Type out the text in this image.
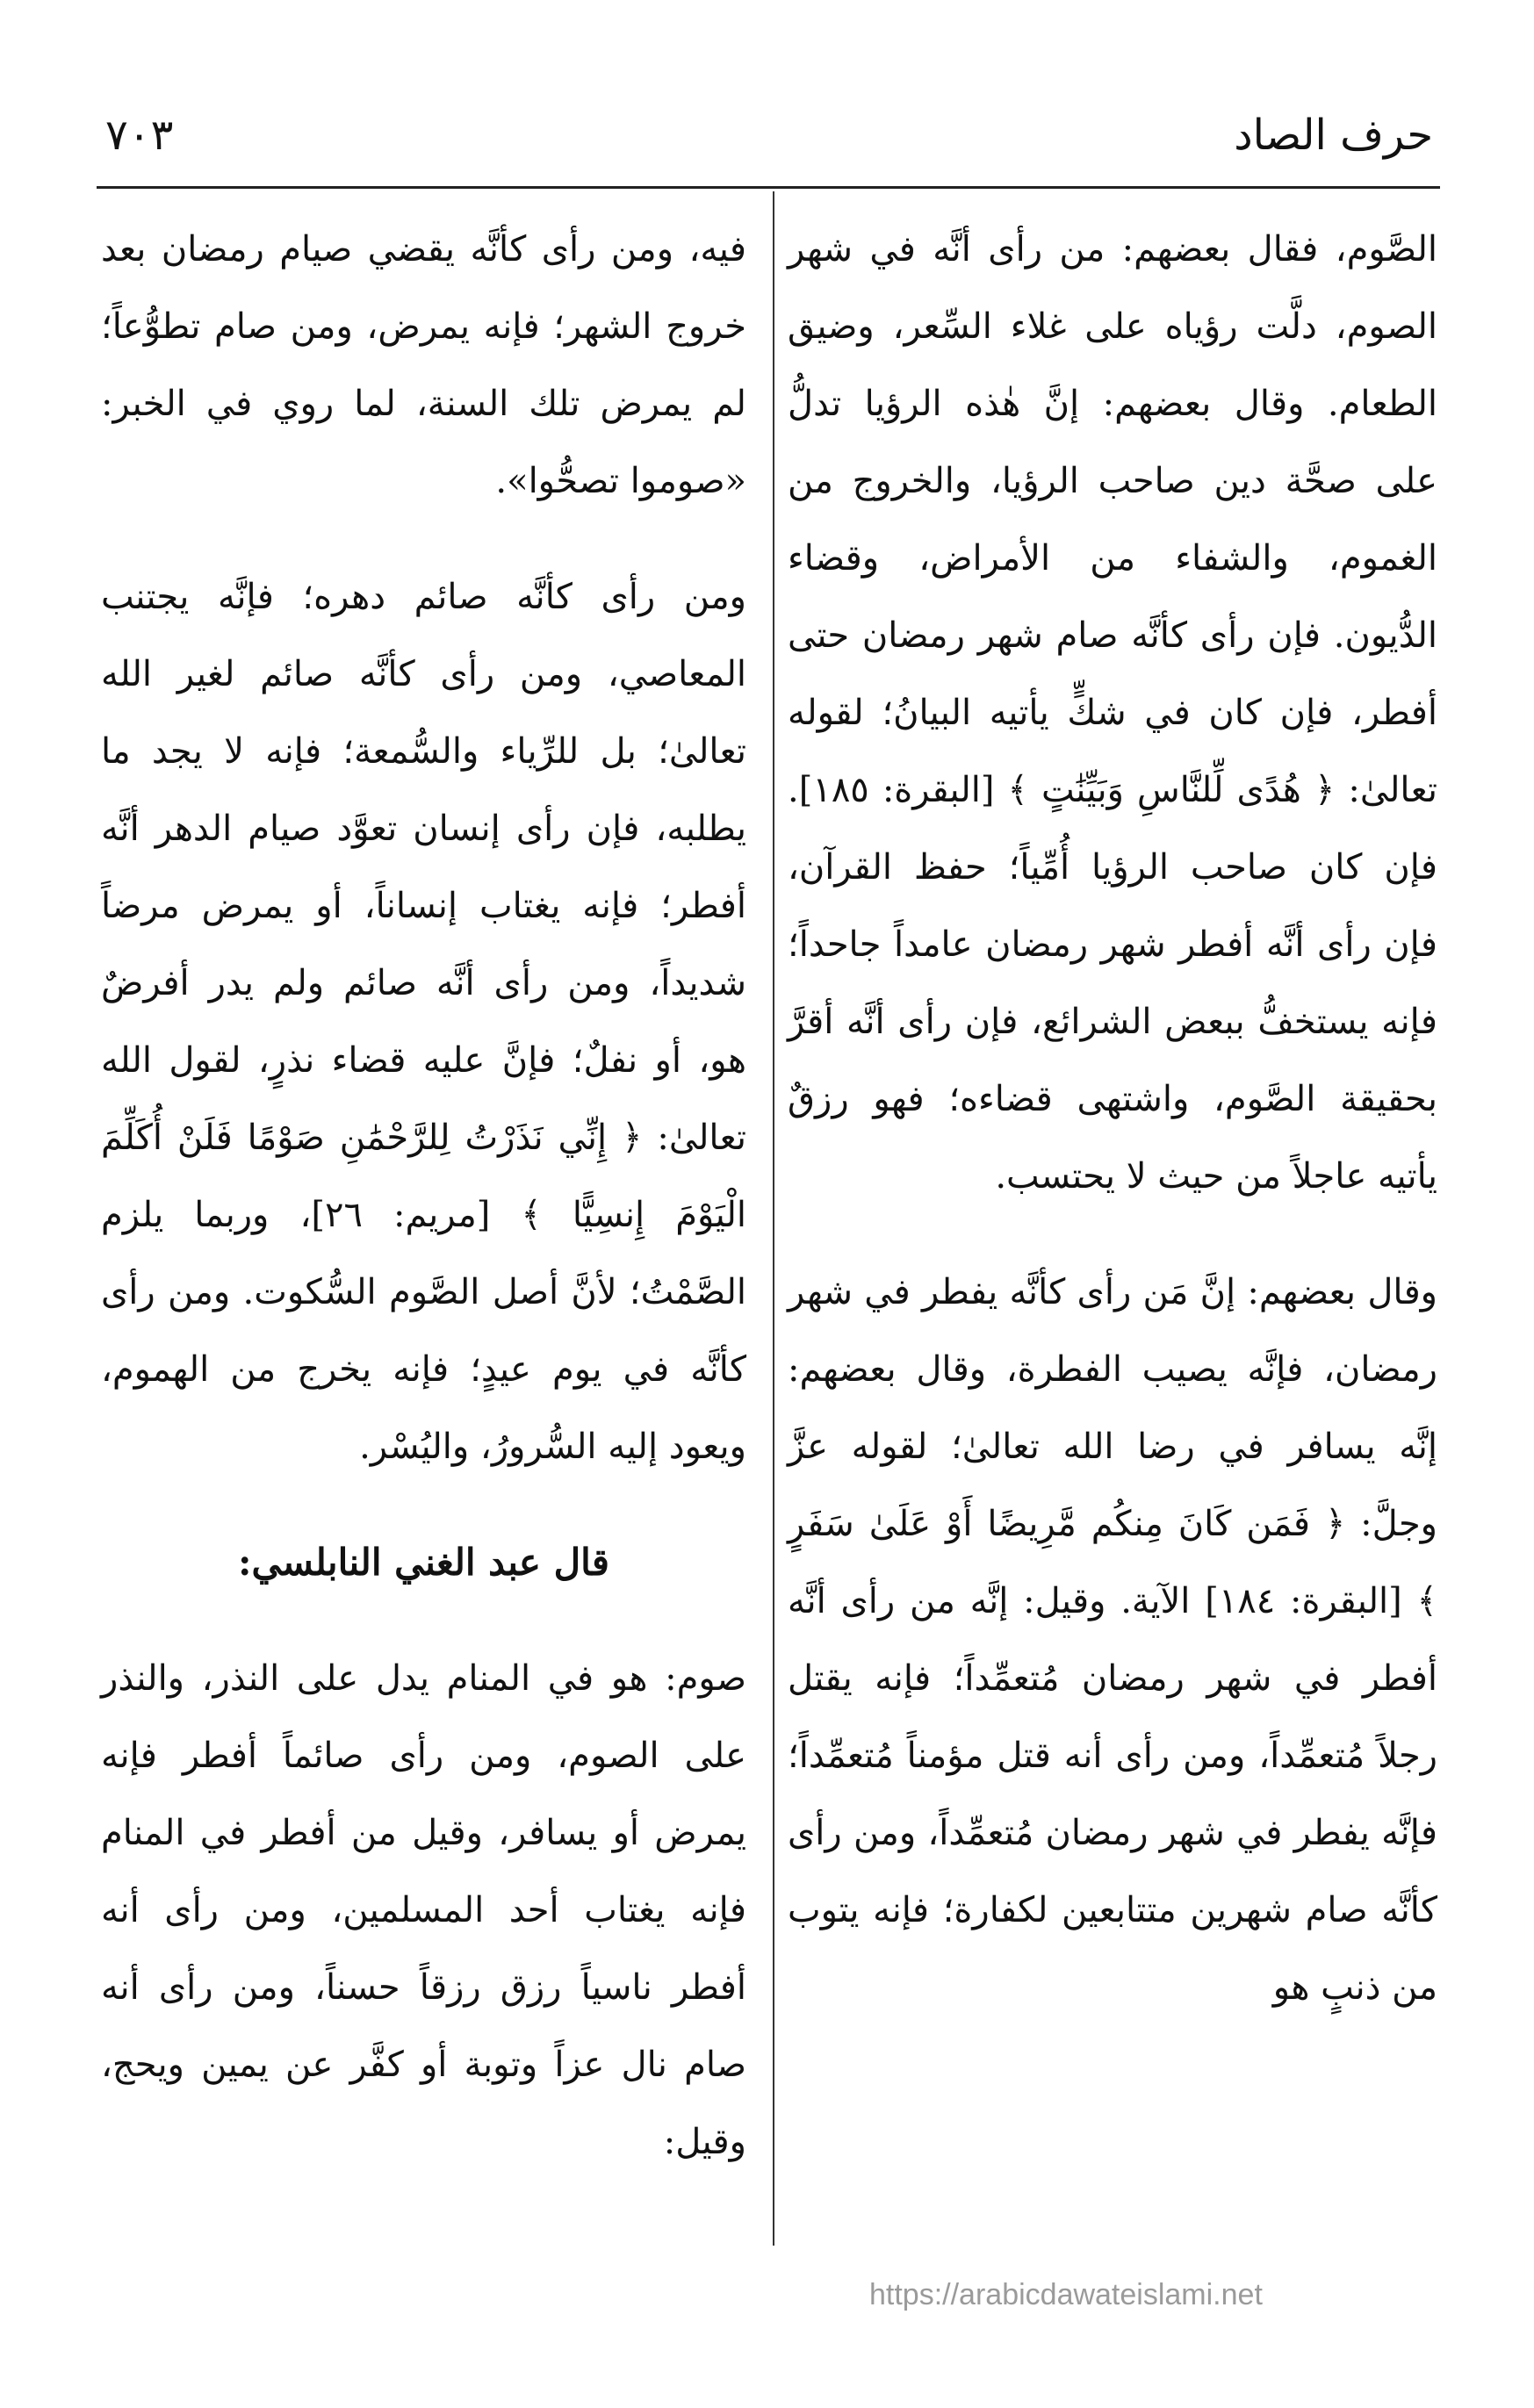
حرف الصاد
٧٠٣

الصَّوم، فقال بعضهم: من رأى أنَّه في شهر الصوم، دلَّت رؤياه على غلاء السِّعر، وضيق الطعام. وقال بعضهم: إنَّ هٰذه الرؤيا تدلُّ على صحَّة دين صاحب الرؤيا، والخروج من الغموم، والشفاء من الأمراض، وقضاء الدُّيون. فإن رأى كأنَّه صام شهر رمضان حتى أفطر، فإن كان في شكٍّ يأتيه البيانُ؛ لقوله تعالىٰ: ﴿ هُدًى لِّلنَّاسِ وَبَيِّنَٰتٍ ﴾ [البقرة: ١٨٥]. فإن كان صاحب الرؤيا أُمِّياً؛ حفظ القرآن، فإن رأى أنَّه أفطر شهر رمضان عامداً جاحداً؛ فإنه يستخفُّ ببعض الشرائع، فإن رأى أنَّه أقرَّ بحقيقة الصَّوم، واشتهى قضاءه؛ فهو رزقٌ يأتيه عاجلاً من حيث لا يحتسب.

وقال بعضهم: إنَّ مَن رأى كأنَّه يفطر في شهر رمضان، فإنَّه يصيب الفطرة، وقال بعضهم: إنَّه يسافر في رضا الله تعالىٰ؛ لقوله عزَّ وجلَّ: ﴿ فَمَن كَانَ مِنكُم مَّرِيضًا أَوْ عَلَىٰ سَفَرٍ ﴾ [البقرة: ١٨٤] الآية. وقيل: إنَّه من رأى أنَّه أفطر في شهر رمضان مُتعمِّداً؛ فإنه يقتل رجلاً مُتعمِّداً، ومن رأى أنه قتل مؤمناً مُتعمِّداً؛ فإنَّه يفطر في شهر رمضان مُتعمِّداً، ومن رأى كأنَّه صام شهرين متتابعين لكفارة؛ فإنه يتوب من ذنبٍ هو

فيه، ومن رأى كأنَّه يقضي صيام رمضان بعد خروج الشهر؛ فإنه يمرض، ومن صام تطوُّعاً؛ لم يمرض تلك السنة، لما روي في الخبر: «صوموا تصحُّوا».

ومن رأى كأنَّه صائم دهره؛ فإنَّه يجتنب المعاصي، ومن رأى كأنَّه صائم لغير الله تعالىٰ؛ بل للرِّياء والسُّمعة؛ فإنه لا يجد ما يطلبه، فإن رأى إنسان تعوَّد صيام الدهر أنَّه أفطر؛ فإنه يغتاب إنساناً، أو يمرض مرضاً شديداً، ومن رأى أنَّه صائم ولم يدر أفرضٌ هو، أو نفلٌ؛ فإنَّ عليه قضاء نذرٍ، لقول الله تعالىٰ: ﴿ إِنِّي نَذَرْتُ لِلرَّحْمَٰنِ صَوْمًا فَلَنْ أُكَلِّمَ الْيَوْمَ إِنسِيًّا ﴾ [مريم: ٢٦]، وربما يلزم الصَّمْتُ؛ لأنَّ أصل الصَّوم السُّكوت. ومن رأى كأنَّه في يوم عيدٍ؛ فإنه يخرج من الهموم، ويعود إليه السُّرورُ، واليُسْر.

قال عبد الغني النابلسي:

صوم: هو في المنام يدل على النذر، والنذر على الصوم، ومن رأى صائماً أفطر فإنه يمرض أو يسافر، وقيل من أفطر في المنام فإنه يغتاب أحد المسلمين، ومن رأى أنه أفطر ناسياً رزق رزقاً حسناً، ومن رأى أنه صام نال عزاً وتوبة أو كفَّر عن يمين ويحج، وقيل:

https://arabicdawateislami.net
